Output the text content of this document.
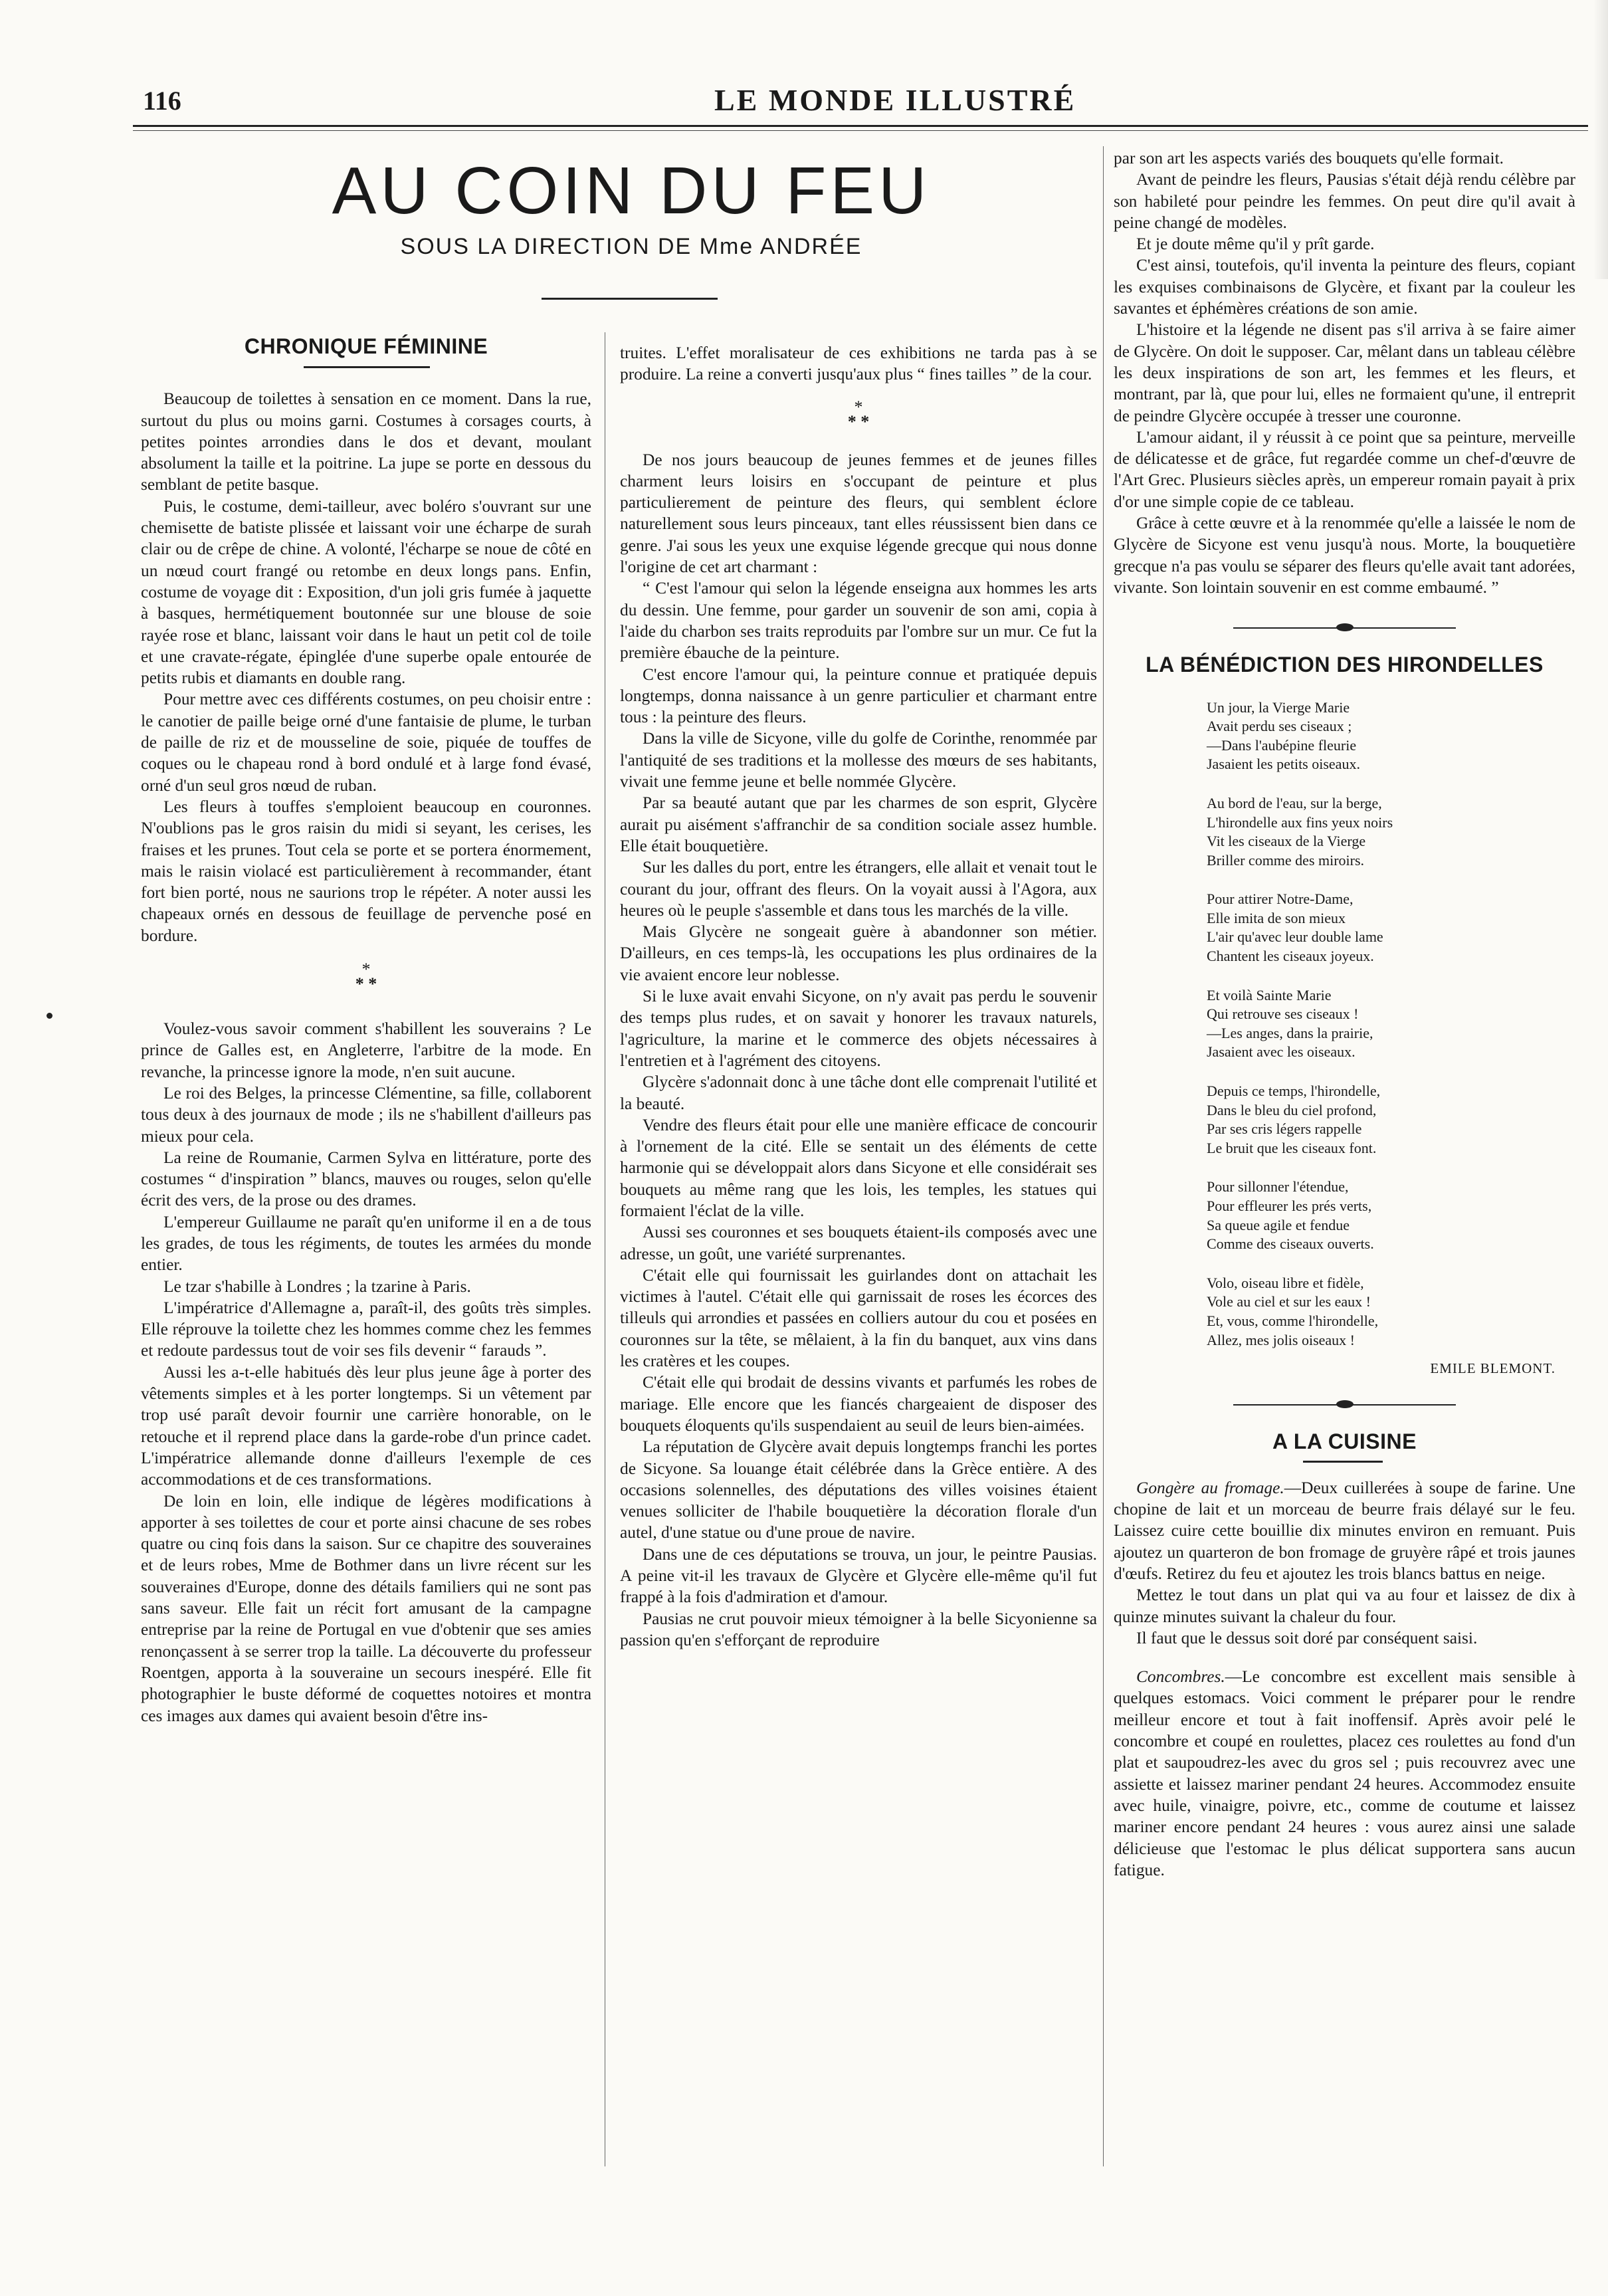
116	LE MONDE ILLUSTRÉ
AU COIN DU FEU
SOUS LA DIRECTION DE Mme ANDRÉE
CHRONIQUE FÉMININE

Beaucoup de toilettes à sensation en ce moment. Dans la rue, surtout du plus ou moins garni. Costumes à corsages courts, à petites pointes arrondies dans le dos et devant, moulant absolument la taille et la poitrine. La jupe se porte en dessous du semblant de petite basque.

Puis, le costume, demi-tailleur, avec boléro s'ouvrant sur une chemisette de batiste plissée et laissant voir une écharpe de surah clair ou de crêpe de chine. A volonté, l'écharpe se noue de côté en un nœud court frangé ou retombe en deux longs pans. Enfin, costume de voyage dit : Exposition, d'un joli gris fumée à jaquette à basques, hermétiquement boutonnée sur une blouse de soie rayée rose et blanc, laissant voir dans le haut un petit col de toile et une cravate-régate, épinglée d'une superbe opale entourée de petits rubis et diamants en double rang.

Pour mettre avec ces différents costumes, on peu choisir entre : le canotier de paille beige orné d'une fantaisie de plume, le turban de paille de riz et de mousseline de soie, piquée de touffes de coques ou le chapeau rond à bord ondulé et à large fond évasé, orné d'un seul gros nœud de ruban.

Les fleurs à touffes s'emploient beaucoup en couronnes. N'oublions pas le gros raisin du midi si seyant, les cerises, les fraises et les prunes. Tout cela se porte et se portera énormement, mais le raisin violacé est particulièrement à recommander, étant fort bien porté, nous ne saurions trop le répéter. A noter aussi les chapeaux ornés en dessous de feuillage de pervenche posé en bordure.

*
* *

Voulez-vous savoir comment s'habillent les souverains ? Le prince de Galles est, en Angleterre, l'arbitre de la mode. En revanche, la princesse ignore la mode, n'en suit aucune.

Le roi des Belges, la princesse Clémentine, sa fille, collaborent tous deux à des journaux de mode ; ils ne s'habillent d'ailleurs pas mieux pour cela.

La reine de Roumanie, Carmen Sylva en littérature, porte des costumes “ d'inspiration ” blancs, mauves ou rouges, selon qu'elle écrit des vers, de la prose ou des drames.

L'empereur Guillaume ne paraît qu'en uniforme il en a de tous les grades, de tous les régiments, de toutes les armées du monde entier.

Le tzar s'habille à Londres ; la tzarine à Paris.

L'impératrice d'Allemagne a, paraît-il, des goûts très simples. Elle réprouve la toilette chez les hommes comme chez les femmes et redoute pardessus tout de voir ses fils devenir “ farauds ”.

Aussi les a-t-elle habitués dès leur plus jeune âge à porter des vêtements simples et à les porter longtemps. Si un vêtement par trop usé paraît devoir fournir une carrière honorable, on le retouche et il reprend place dans la garde-robe d'un prince cadet. L'impératrice allemande donne d'ailleurs l'exemple de ces accommodations et de ces transformations.

De loin en loin, elle indique de légères modifications à apporter à ses toilettes de cour et porte ainsi chacune de ses robes quatre ou cinq fois dans la saison. Sur ce chapitre des souveraines et de leurs robes, Mme de Bothmer dans un livre récent sur les souveraines d'Europe, donne des détails familiers qui ne sont pas sans saveur. Elle fait un récit fort amusant de la campagne entreprise par la reine de Portugal en vue d'obtenir que ses amies renonçassent à se serrer trop la taille. La découverte du professeur Roentgen, apporta à la souveraine un secours inespéré. Elle fit photographier le buste déformé de coquettes notoires et montra ces images aux dames qui avaient besoin d'être ins-

truites. L'effet moralisateur de ces exhibitions ne tarda pas à se produire. La reine a converti jusqu'aux plus “ fines tailles ” de la cour.

*
* *

De nos jours beaucoup de jeunes femmes et de jeunes filles charment leurs loisirs en s'occupant de peinture et plus particulierement de peinture des fleurs, qui semblent éclore naturellement sous leurs pinceaux, tant elles réussissent bien dans ce genre. J'ai sous les yeux une exquise légende grecque qui nous donne l'origine de cet art charmant :

“ C'est l'amour qui selon la légende enseigna aux hommes les arts du dessin. Une femme, pour garder un souvenir de son ami, copia à l'aide du charbon ses traits reproduits par l'ombre sur un mur. Ce fut la première ébauche de la peinture.

C'est encore l'amour qui, la peinture connue et pratiquée depuis longtemps, donna naissance à un genre particulier et charmant entre tous : la peinture des fleurs.

Dans la ville de Sicyone, ville du golfe de Corinthe, renommée par l'antiquité de ses traditions et la mollesse des mœurs de ses habitants, vivait une femme jeune et belle nommée Glycère.

Par sa beauté autant que par les charmes de son esprit, Glycère aurait pu aisément s'affranchir de sa condition sociale assez humble. Elle était bouquetière.

Sur les dalles du port, entre les étrangers, elle allait et venait tout le courant du jour, offrant des fleurs. On la voyait aussi à l'Agora, aux heures où le peuple s'assemble et dans tous les marchés de la ville.

Mais Glycère ne songeait guère à abandonner son métier. D'ailleurs, en ces temps-là, les occupations les plus ordinaires de la vie avaient encore leur noblesse.

Si le luxe avait envahi Sicyone, on n'y avait pas perdu le souvenir des temps plus rudes, et on savait y honorer les travaux naturels, l'agriculture, la marine et le commerce des objets nécessaires à l'entretien et à l'agrément des citoyens.

Glycère s'adonnait donc à une tâche dont elle comprenait l'utilité et la beauté.

Vendre des fleurs était pour elle une manière efficace de concourir à l'ornement de la cité. Elle se sentait un des éléments de cette harmonie qui se développait alors dans Sicyone et elle considérait ses bouquets au même rang que les lois, les temples, les statues qui formaient l'éclat de la ville.

Aussi ses couronnes et ses bouquets étaient-ils composés avec une adresse, un goût, une variété surprenantes.

C'était elle qui fournissait les guirlandes dont on attachait les victimes à l'autel. C'était elle qui garnissait de roses les écorces des tilleuls qui arrondies et passées en colliers autour du cou et posées en couronnes sur la tête, se mêlaient, à la fin du banquet, aux vins dans les cratères et les coupes.

C'était elle qui brodait de dessins vivants et parfumés les robes de mariage. Elle encore que les fiancés chargeaient de disposer des bouquets éloquents qu'ils suspendaient au seuil de leurs bien-aimées.

La réputation de Glycère avait depuis longtemps franchi les portes de Sicyone. Sa louange était célébrée dans la Grèce entière. A des occasions solennelles, des députations des villes voisines étaient venues solliciter de l'habile bouquetière la décoration florale d'un autel, d'une statue ou d'une proue de navire.

Dans une de ces députations se trouva, un jour, le peintre Pausias. A peine vit-il les travaux de Glycère et Glycère elle-même qu'il fut frappé à la fois d'admiration et d'amour.

Pausias ne crut pouvoir mieux témoigner à la belle Sicyonienne sa passion qu'en s'efforçant de reproduire

par son art les aspects variés des bouquets qu'elle formait.

Avant de peindre les fleurs, Pausias s'était déjà rendu célèbre par son habileté pour peindre les femmes. On peut dire qu'il avait à peine changé de modèles.

Et je doute même qu'il y prît garde.

C'est ainsi, toutefois, qu'il inventa la peinture des fleurs, copiant les exquises combinaisons de Glycère, et fixant par la couleur les savantes et éphémères créations de son amie.

L'histoire et la légende ne disent pas s'il arriva à se faire aimer de Glycère. On doit le supposer. Car, mêlant dans un tableau célèbre les deux inspirations de son art, les femmes et les fleurs, et montrant, par là, que pour lui, elles ne formaient qu'une, il entreprit de peindre Glycère occupée à tresser une couronne.

L'amour aidant, il y réussit à ce point que sa peinture, merveille de délicatesse et de grâce, fut regardée comme un chef-d'œuvre de l'Art Grec. Plusieurs siècles après, un empereur romain payait à prix d'or une simple copie de ce tableau.

Grâce à cette œuvre et à la renommée qu'elle a laissée le nom de Glycère de Sicyone est venu jusqu'à nous. Morte, la bouquetière grecque n'a pas voulu se séparer des fleurs qu'elle avait tant adorées, vivante. Son lointain souvenir en est comme embaumé. ”

LA BÉNÉDICTION DES HIRONDELLES
Un jour, la Vierge Marie
Avait perdu ses ciseaux ;
—Dans l'aubépine fleurie
Jasaient les petits oiseaux.
Au bord de l'eau, sur la berge,
L'hirondelle aux fins yeux noirs
Vit les ciseaux de la Vierge
Briller comme des miroirs.
Pour attirer Notre-Dame,
Elle imita de son mieux
L'air qu'avec leur double lame
Chantent les ciseaux joyeux.
Et voilà Sainte Marie
Qui retrouve ses ciseaux !
—Les anges, dans la prairie,
Jasaient avec les oiseaux.
Depuis ce temps, l'hirondelle,
Dans le bleu du ciel profond,
Par ses cris légers rappelle
Le bruit que les ciseaux font.
Pour sillonner l'étendue,
Pour effleurer les prés verts,
Sa queue agile et fendue
Comme des ciseaux ouverts.
Volo, oiseau libre et fidèle,
Vole au ciel et sur les eaux !
Et, vous, comme l'hirondelle,
Allez, mes jolis oiseaux !
EMILE BLEMONT.
A LA CUISINE

Gongère au fromage.—Deux cuillerées à soupe de farine. Une chopine de lait et un morceau de beurre frais délayé sur le feu. Laissez cuire cette bouillie dix minutes environ en remuant. Puis ajoutez un quarteron de bon fromage de gruyère râpé et trois jaunes d'œufs. Retirez du feu et ajoutez les trois blancs battus en neige.

Mettez le tout dans un plat qui va au four et laissez de dix à quinze minutes suivant la chaleur du four.

Il faut que le dessus soit doré par conséquent saisi.

Concombres.—Le concombre est excellent mais sensible à quelques estomacs. Voici comment le préparer pour le rendre meilleur encore et tout à fait inoffensif. Après avoir pelé le concombre et coupé en roulettes, placez ces roulettes au fond d'un plat et saupoudrez-les avec du gros sel ; puis recouvrez avec une assiette et laissez mariner pendant 24 heures. Accommodez ensuite avec huile, vinaigre, poivre, etc., comme de coutume et laissez mariner encore pendant 24 heures : vous aurez ainsi une salade délicieuse que l'estomac le plus délicat supportera sans aucun fatigue.
